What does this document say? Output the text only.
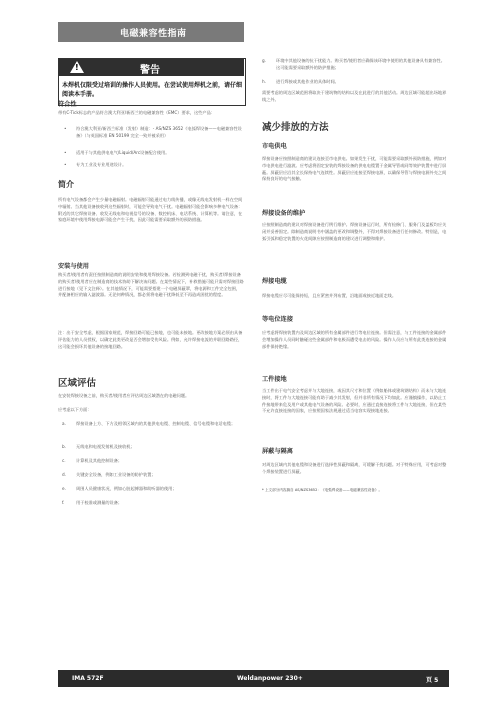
电磁兼容性指南
!	警告
本焊机仅限受过培训的操作人员使用。在尝试使用焊机之前，请仔细阅读本手册。
符合性
带有C-Tick标志的产品符合澳大利亚/新西兰的电磁兼容性（EMC）要求，这些产品：
• 符合澳大利亚/新西兰标准（发射）制造：- AS/NZS 3652《电弧焊设备——电磁兼容性设备》（与英国标准 EN 50199 完全一致并被采用）
• 适用于与其他供电电气/Liquid/Arc设备配合使用。
• 专为工业及专业用途设计。
简介
所有电气设备都会产生少量电磁辐射。电磁辐射可能通过电力线传播，或像无线电发射机一样在空间中辐射。当其他设备接收到这些辐射时，可能会导致电气干扰。电磁辐射可能会影响多种电气设备：附近的其它焊接设备、收发无线电和电视信号的设备、数控机床、电话系统、计算机等。请注意，在家庭环境中使用焊接电源可能会产生干扰，因此可能需要采取额外的预防措施。
安装与使用
购买者/使用者有责任按照制造商的说明安装和使用焊接设备。若检测到电磁干扰，购买者/焊接设备的购买者/使用者应在制造商的技术协助下解决该问题。在某些情况下，补救措施可能只需对焊接回路进行接地（见下文注释）。在其他情况下，可能需要搭建一个电磁屏蔽罩，将电源和工件完全包围，并配备相应的输入滤波器。无论何种情况，都必须将电磁干扰降低至不再造成困扰的程度。
注：出于安全考虑，根据国家规范，焊接回路可能已接地，也可能未接地。更改接地方案必须由具备评估能力的人员授权，以确定此类更改是否会增加受伤风险。例如，允许焊接电流的并联回路路径，这可能会损坏其他设备的接地回路。
区域评估
在安装焊接设备之前，购买者/使用者应评估周边区域潜在的电磁问题。
应考虑以下方面：
a. 焊接设备上方、下方及相邻区域内的其他供电电缆、控制电缆、信号电缆和电话电缆；
b. 无线电和电视发射机及接收机；
c. 计算机及其他控制设备；
d. 关键安全设备，例如工业设备的防护装置；
e. 周围人员健康状况，例如心脏起搏器和助听器的使用；
f.	用于校准或测量的设备；
g. 环境中其他设备的抗干扰能力。购买者/使用者应确保该环境中使用的其他设备具有兼容性。这可能需要采取额外的防护措施；
h. 进行焊接或其他作业的具体时间。
需要考虑的周边区域范围将取决于建筑物的结构以及在此进行的其他活动。周边区域可能超出场地界线之外。
减少排放的方法
市电供电
焊接设备应按照制造商的建议连接至市电供电。如果发生干扰，可能需要采取额外预防措施，例如对市电供电进行滤波。应考虑将固定安装的焊接设备的供电电缆置于金属导管或同等效护装置中进行屏蔽。屏蔽层应沿其全长保持电气连续性。屏蔽层应连接至焊接电源，以确保导管与焊接电源外壳之间保持良好的电气接触。
焊接设备的维护
应按照制造商的建议对焊接设备进行例行维护。焊接设备运行时，所有检修门、服务门及盖板均应关闭并妥善固定。除制造商说明书中涵盖的更改和调整外，不得对焊接设备进行任何修改。特别是，电弧引弧和稳定装置的火花间隙应按照制造商的建议进行调整和维护。
焊接电缆
焊接电缆应尽可能保持短，且应紧密并列布置，沿地面或接近地面走线。
等电位连接
应考虑将焊接装置内及周边区域的所有金属部件进行等电位连接。但需注意，与工件连接的金属部件会增加操作人员同时触碰这些金属部件和电极而遭受电击的风险。操作人员应与所有此类连接的金属部件保持绝缘。
工件接地
当工件出于电气安全考虑并与大地连接，或因其尺寸和位置（例如船体或建筑钢结构）而未与大地连接时，将工件与大地连接可能有助于减少其发射，但并非所有情况下均如此。应谨慎操作，以防止工件接地带来危及用户或其他电气设备的风险。必要时，应通过直接连接将工件与大地连接，但在某些不允许直接连接的国家，应按照国家法规通过适当电容实现接地连接。
屏蔽与隔离
对周边区域内其他电缆和设备进行选择性屏蔽和隔离，可缓解干扰问题。对于特殊应用，可考虑对整个焊接装置进行屏蔽。
* 上文部分内容摘自 AS/NZS3652：《电弧焊设备——电磁兼容性设备》。
IMA 572F	Weldanpower 230+	页 5
